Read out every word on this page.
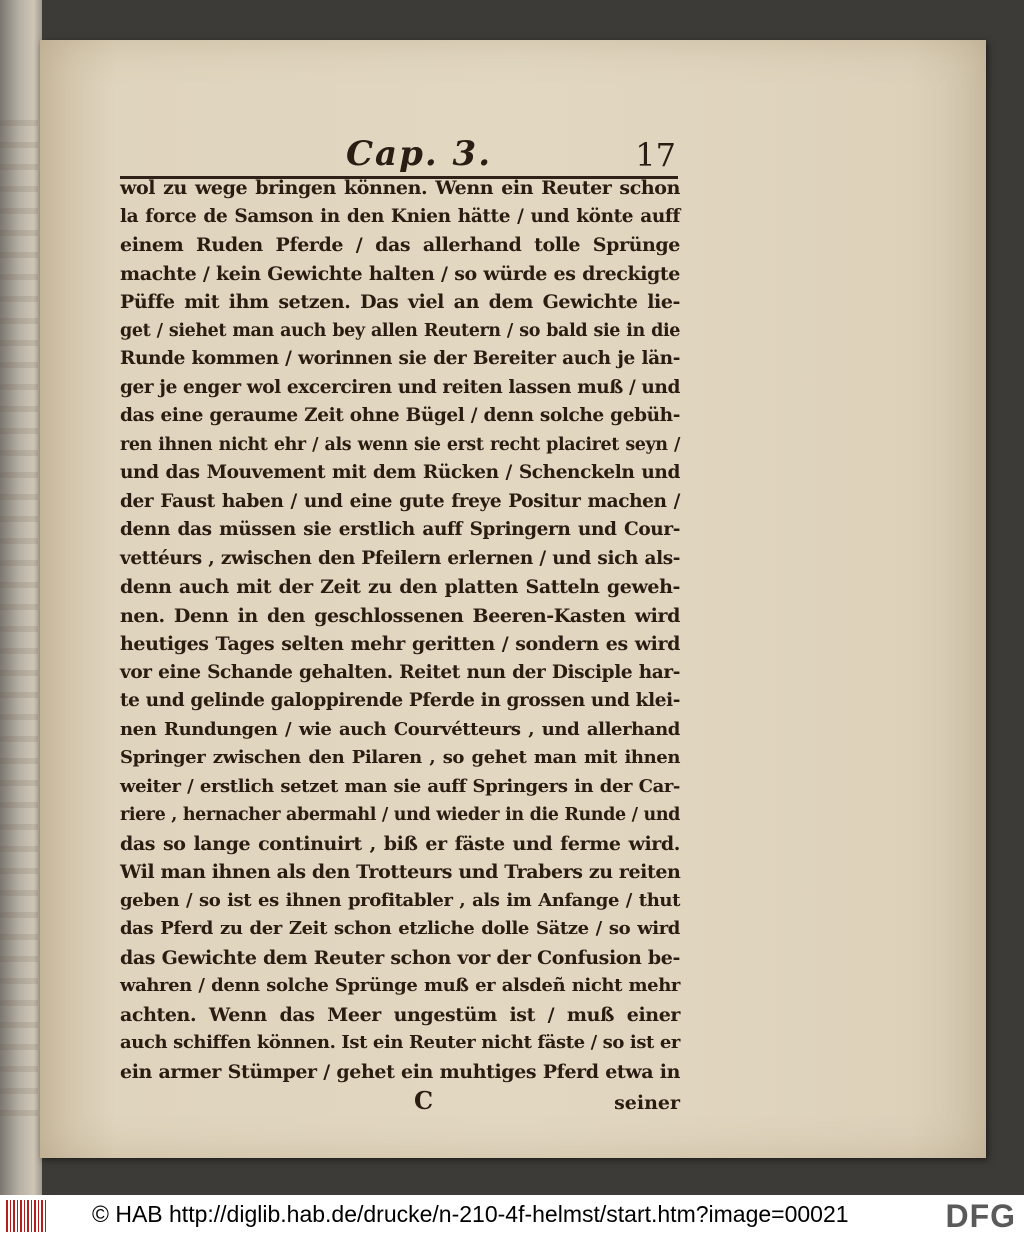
Cap. 3.	17
wol zu wege bringen können. Wenn ein Reuter schon
la force de Samson in den Knien hätte / und könte auff
einem Ruden Pferde / das allerhand tolle Sprünge
machte / kein Gewichte halten / so würde es dreckigte
Püffe mit ihm setzen. Das viel an dem Gewichte lie-
get / siehet man auch bey allen Reutern / so bald sie in die
Runde kommen / worinnen sie der Bereiter auch je län-
ger je enger wol excerciren und reiten lassen muß / und
das eine geraume Zeit ohne Bügel / denn solche gebüh-
ren ihnen nicht ehr / als wenn sie erst recht placiret seyn /
und das Mouvement mit dem Rücken / Schenckeln und
der Faust haben / und eine gute freye Positur machen /
denn das müssen sie erstlich auff Springern und Cour-
vettéurs , zwischen den Pfeilern erlernen / und sich als-
denn auch mit der Zeit zu den platten Satteln geweh-
nen. Denn in den geschlossenen Beeren-Kasten wird
heutiges Tages selten mehr geritten / sondern es wird
vor eine Schande gehalten. Reitet nun der Disciple har-
te und gelinde galoppirende Pferde in grossen und klei-
nen Rundungen / wie auch Courvétteurs , und allerhand
Springer zwischen den Pilaren , so gehet man mit ihnen
weiter / erstlich setzet man sie auff Springers in der Car-
riere , hernacher abermahl / und wieder in die Runde / und
das so lange continuirt , biß er fäste und ferme wird.
Wil man ihnen als den Trotteurs und Trabers zu reiten
geben / so ist es ihnen profitabler , als im Anfange / thut
das Pferd zu der Zeit schon etzliche dolle Sätze / so wird
das Gewichte dem Reuter schon vor der Confusion be-
wahren / denn solche Sprünge muß er alsdeñ nicht mehr
achten. Wenn das Meer ungestüm ist / muß einer
auch schiffen können. Ist ein Reuter nicht fäste / so ist er
ein armer Stümper / gehet ein muhtiges Pferd etwa in
C	seiner
© HAB http://diglib.hab.de/drucke/n-210-4f-helmst/start.htm?image=00021	DFG
